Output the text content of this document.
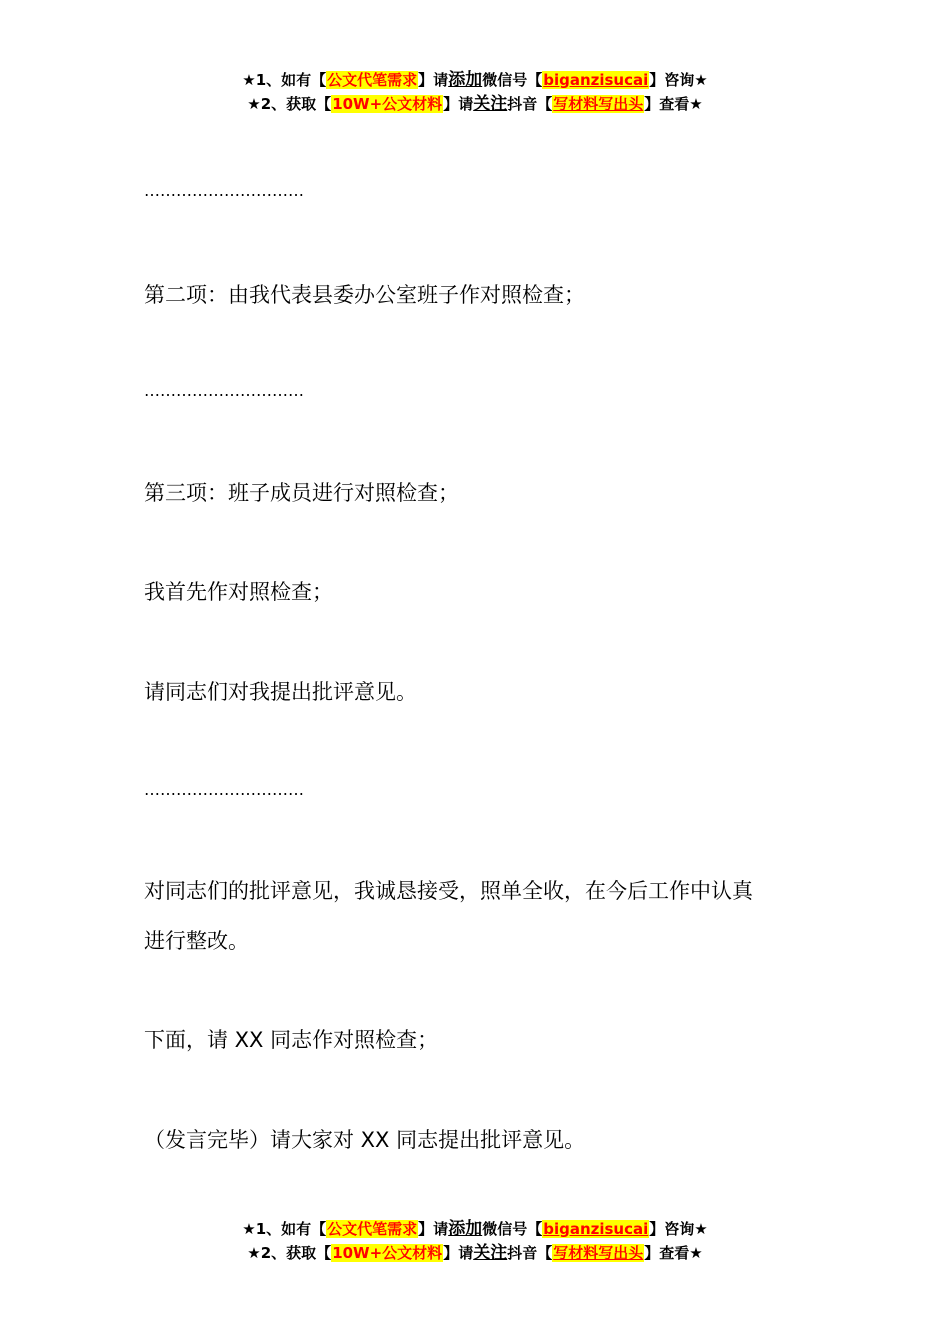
★1、如有【公文代笔需求】请添加微信号【biganzisucai】咨询★
★2、获取【10W+公文材料】请关注抖音【写材料写出头】查看★
…………………………
第二项：由我代表县委办公室班子作对照检查；
…………………………
第三项：班子成员进行对照检查；
我首先作对照检查；
请同志们对我提出批评意见。
…………………………
对同志们的批评意见，我诚恳接受，照单全收，在今后工作中认真
进行整改。
下面，请 XX 同志作对照检查；
（发言完毕）请大家对 XX 同志提出批评意见。
★1、如有【公文代笔需求】请添加微信号【biganzisucai】咨询★
★2、获取【10W+公文材料】请关注抖音【写材料写出头】查看★
